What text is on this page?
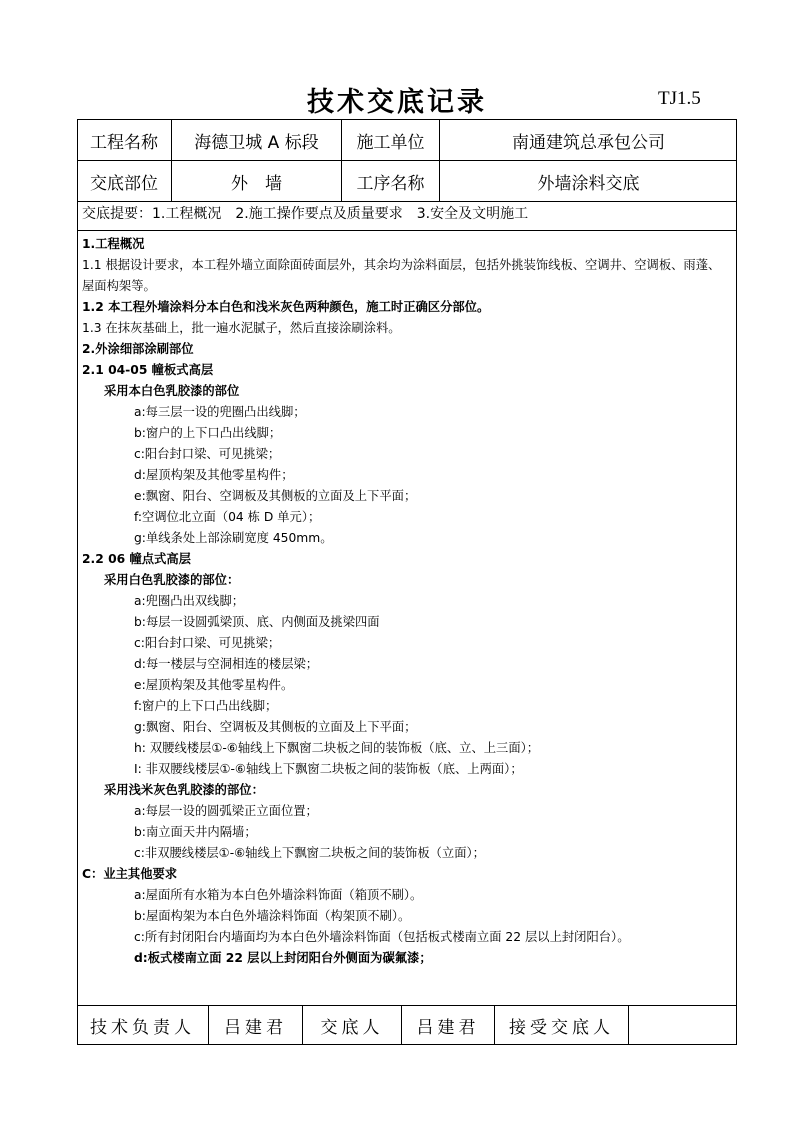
技术交底记录	TJ1.5
工程名称	海德卫城 A 标段	施工单位	南通建筑总承包公司
交底部位	外　墙	工序名称	外墙涂料交底
交底提要：1.工程概况　2.施工操作要点及质量要求　3.安全及文明施工
1.工程概况
1.1 根据设计要求，本工程外墙立面除面砖面层外，其余均为涂料面层，包括外挑装饰线板、空调井、空调板、雨蓬、屋面构架等。
1.2 本工程外墙涂料分本白色和浅米灰色两种颜色，施工时正确区分部位。
1.3 在抹灰基础上，批一遍水泥腻子，然后直接涂刷涂料。
2.外涂细部涂刷部位
2.1 04-05 幢板式高层
采用本白色乳胶漆的部位
a:每三层一设的兜圈凸出线脚；
b:窗户的上下口凸出线脚；
c:阳台封口梁、可见挑梁；
d:屋顶构架及其他零星构件；
e:飘窗、阳台、空调板及其侧板的立面及上下平面；
f:空调位北立面（04 栋 D 单元）；
g:单线条处上部涂刷宽度 450mm。
2.2 06 幢点式高层
采用白色乳胶漆的部位：
a:兜圈凸出双线脚；
b:每层一设圆弧梁顶、底、内侧面及挑梁四面
c:阳台封口梁、可见挑梁；
d:每一楼层与空洞相连的楼层梁；
e:屋顶构架及其他零星构件。
f:窗户的上下口凸出线脚；
g:飘窗、阳台、空调板及其侧板的立面及上下平面；
h: 双腰线楼层①-⑥轴线上下飘窗二块板之间的装饰板（底、立、上三面）；
I: 非双腰线楼层①-⑥轴线上下飘窗二块板之间的装饰板（底、上两面）；
采用浅米灰色乳胶漆的部位：
a:每层一设的圆弧梁正立面位置；
b:南立面天井内隔墙；
c:非双腰线楼层①-⑥轴线上下飘窗二块板之间的装饰板（立面）；
C：业主其他要求
a:屋面所有水箱为本白色外墙涂料饰面（箱顶不刷）。
b:屋面构架为本白色外墙涂料饰面（构架顶不刷）。
c:所有封闭阳台内墙面均为本白色外墙涂料饰面（包括板式楼南立面 22 层以上封闭阳台）。
d:板式楼南立面 22 层以上封闭阳台外侧面为碳氟漆；
技术负责人	吕建君	交底人	吕建君	接受交底人
